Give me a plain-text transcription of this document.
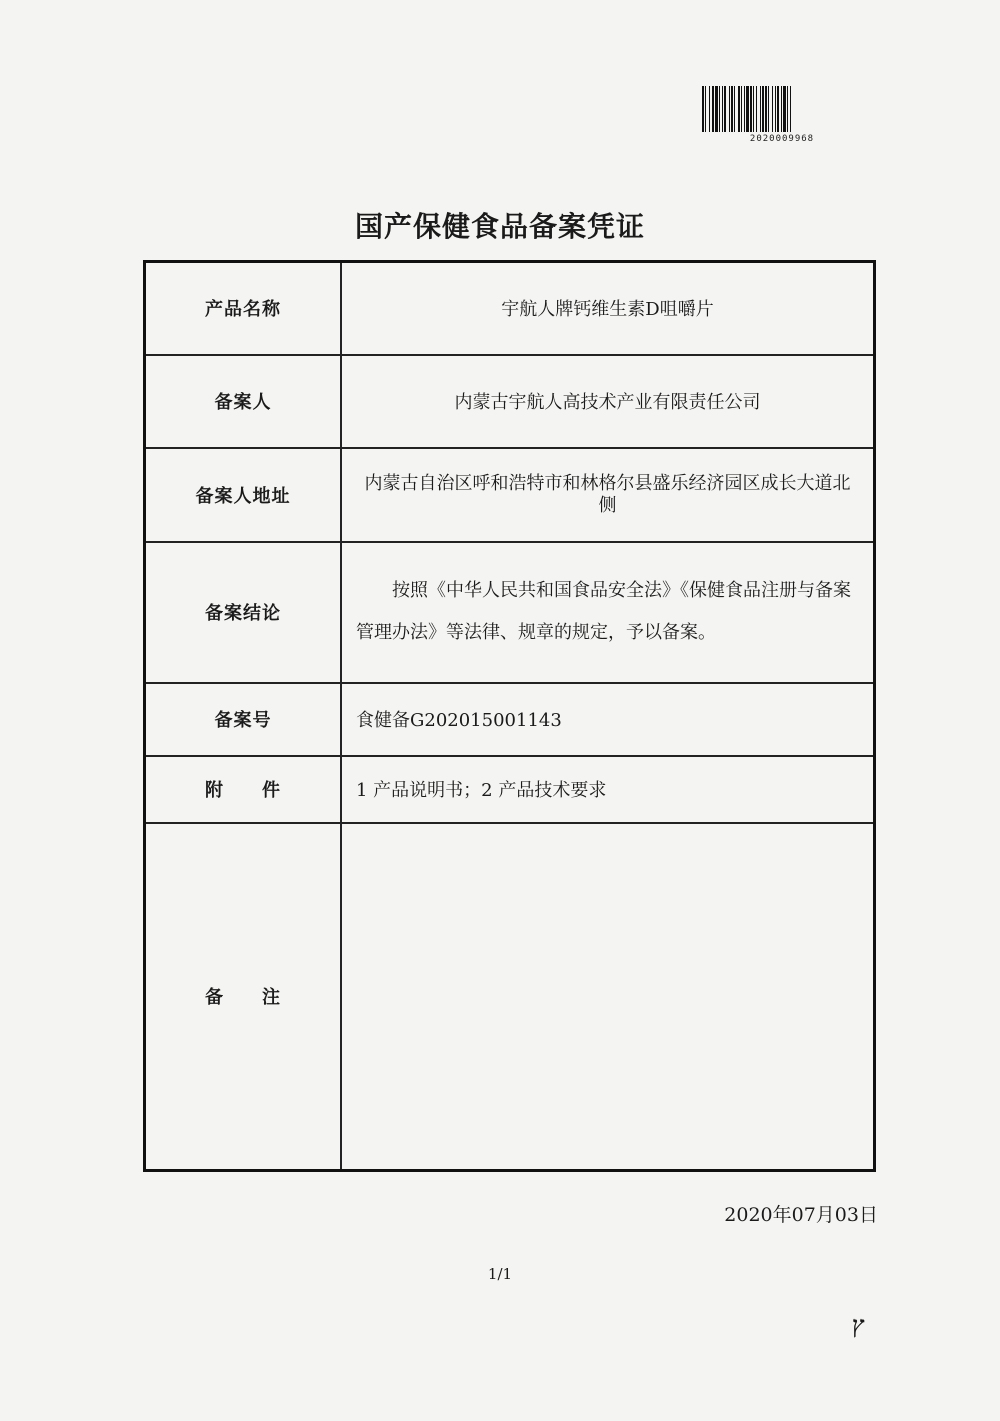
2020009968
国产保健食品备案凭证
产品名称	宇航人牌钙维生素D咀嚼片
备案人	内蒙古宇航人高技术产业有限责任公司
备案人地址	内蒙古自治区呼和浩特市和林格尔县盛乐经济园区成长大道北侧
备案结论	按照《中华人民共和国食品安全法》《保健食品注册与备案管理办法》等法律、规章的规定，予以备案。
备案号	食健备G202015001143
附　　件	1 产品说明书；2 产品技术要求
备　　注	
2020年07月03日
1/1
ץ
